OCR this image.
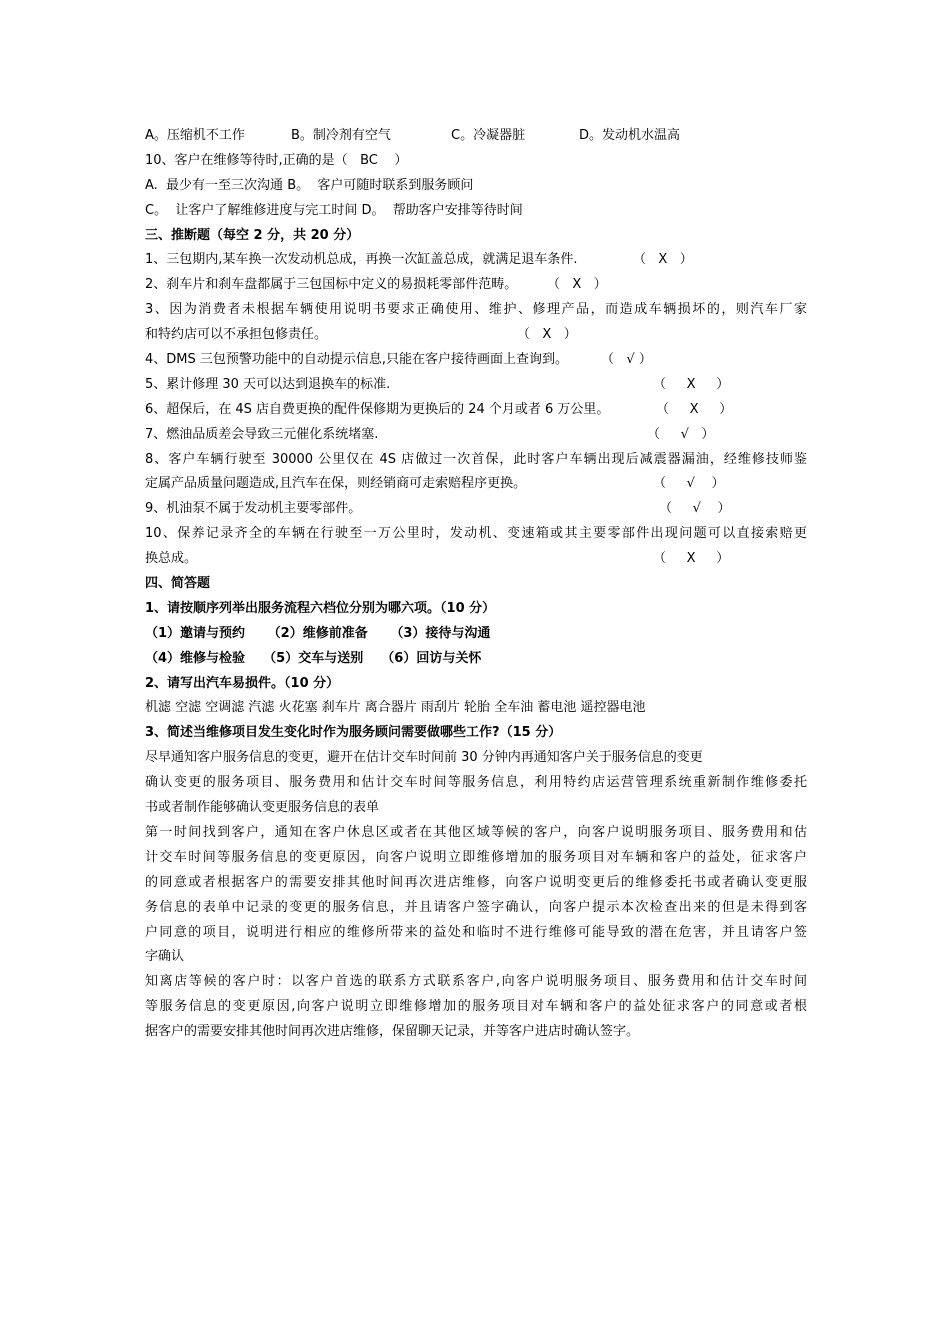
A。压缩机不工作

	B。制冷剂有空气

	C。冷凝器脏

	D。发动机水温高

10、客户在维修等待时,正确的是（   BC    ）
A.  最少有一至三次沟通 B。  客户可随时联系到服务顾问
C。  让客户了解维修进度与完工时间 D。  帮助客户安排等待时间
三、推断题（每空 2 分，共 20 分）

1、三包期内,某车换一次发动机总成，再换一次缸盖总成，就满足退车条件.

	（   X   ）

2、刹车片和刹车盘都属于三包国标中定义的易损耗零部件范畴。

（   X   ）

3、因为消费者未根据车辆使用说明书要求正确使用、维护、修理产品，而造成车辆损坏的，则汽车厂家

和特约店可以不承担包修责任。

	（   X   ）

4、DMS 三包预警功能中的自动提示信息,只能在客户接待画面上查询到。

	（   √ ）

5、累计修理 30 天可以达到退换车的标准.

	（     X     ）

6、超保后，在 4S 店自费更换的配件保修期为更换后的 24 个月或者 6 万公里。

	（     X     ）

7、燃油品质差会导致三元催化系统堵塞.

	（     √   ）

8、客户车辆行驶至 30000 公里仅在 4S 店做过一次首保，此时客户车辆出现后减震器漏油，经维修技师鉴

定属产品质量问题造成,且汽车在保，则经销商可走索赔程序更换。

	（     √    ）

9、机油泵不属于发动机主要零部件。

	（     √    ）

10、保养记录齐全的车辆在行驶至一万公里时，发动机、变速箱或其主要零部件出现问题可以直接索赔更

换总成。

	（     X     ）

四、简答题
1、请按顺序列举出服务流程六档位分别为哪六项。（10 分）
（1）邀请与预约     （2）维修前准备     （3）接待与沟通
（4）维修与检验    （5）交车与送别    （6）回访与关怀
2、请写出汽车易损件。（10 分）
机滤 空滤 空调滤 汽滤 火花塞 刹车片 离合器片 雨刮片 轮胎 全车油 蓄电池 遥控器电池
3、简述当维修项目发生变化时作为服务顾问需要做哪些工作?（15 分）
尽早通知客户服务信息的变更，避开在估计交车时间前 30 分钟内再通知客户关于服务信息的变更
确认变更的服务项目、服务费用和估计交车时间等服务信息，利用特约店运营管理系统重新制作维修委托
书或者制作能够确认变更服务信息的表单
第一时间找到客户，通知在客户休息区或者在其他区域等候的客户，向客户说明服务项目、服务费用和估
计交车时间等服务信息的变更原因，向客户说明立即维修增加的服务项目对车辆和客户的益处，征求客户
的同意或者根据客户的需要安排其他时间再次进店维修，向客户说明变更后的维修委托书或者确认变更服
务信息的表单中记录的变更的服务信息，并且请客户签字确认，向客户提示本次检查出来的但是未得到客
户同意的项目，说明进行相应的维修所带来的益处和临时不进行维修可能导致的潜在危害，并且请客户签
字确认
知离店等候的客户时：以客户首选的联系方式联系客户,向客户说明服务项目、服务费用和估计交车时间
等服务信息的变更原因,向客户说明立即维修增加的服务项目对车辆和客户的益处征求客户的同意或者根
据客户的需要安排其他时间再次进店维修，保留聊天记录，并等客户进店时确认签字。
